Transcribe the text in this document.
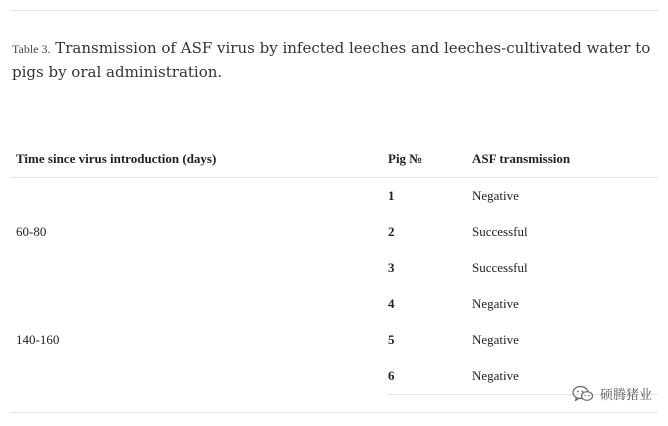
Table 3. Transmission of ASF virus by infected leeches and leeches-cultivated water to pigs by oral administration.
Time since virus introduction (days)	Pig №	ASF transmission
60-80	1	Negative
	2	Successful
	3	Successful
140-160	4	Negative
	5	Negative
	6	Negative
硕腾猪业
